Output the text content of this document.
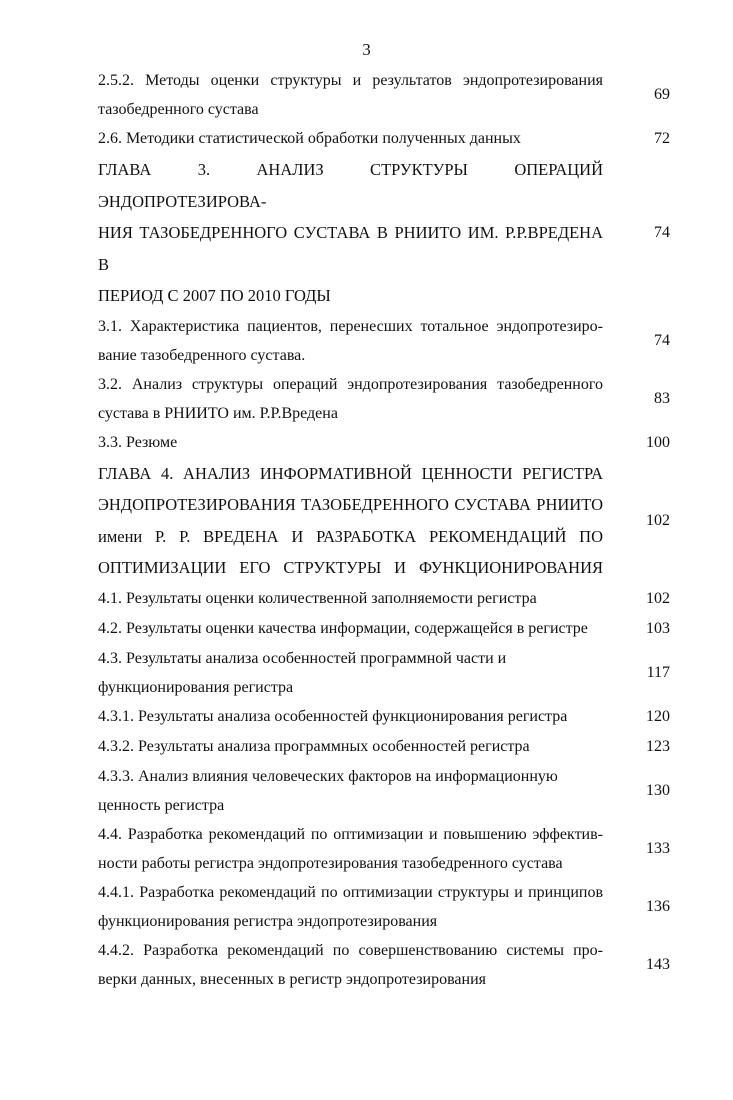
3
2.5.2. Методы оценки структуры и результатов эндопротезирования
тазобедренного сустава
69
2.6. Методики статистической обработки полученных данных	72
ГЛАВА 3. АНАЛИЗ СТРУКТУРЫ ОПЕРАЦИЙ ЭНДОПРОТЕЗИРОВА-
НИЯ ТАЗОБЕДРЕННОГО СУСТАВА В РНИИТО ИМ. Р.Р.ВРЕДЕНА В
ПЕРИОД С 2007 ПО 2010 ГОДЫ
74
3.1. Характеристика пациентов, перенесших тотальное эндопротезиро-
вание тазобедренного сустава.
74
3.2. Анализ структуры операций эндопротезирования тазобедренного
сустава в РНИИТО им. Р.Р.Вредена
83
3.3. Резюме	100
ГЛАВА 4. АНАЛИЗ ИНФОРМАТИВНОЙ ЦЕННОСТИ РЕГИСТРА
ЭНДОПРОТЕЗИРОВАНИЯ ТАЗОБЕДРЕННОГО СУСТАВА РНИИТО
имени Р. Р. ВРЕДЕНА И РАЗРАБОТКА РЕКОМЕНДАЦИЙ ПО
ОПТИМИЗАЦИИ ЕГО СТРУКТУРЫ И ФУНКЦИОНИРОВАНИЯ
102
4.1. Результаты оценки количественной заполняемости регистра	102
4.2. Результаты оценки качества информации, содержащейся в регистре	103
4.3. Результаты анализа особенностей программной части и
функционирования регистра
117
4.3.1. Результаты анализа особенностей функционирования регистра	120
4.3.2. Результаты анализа программных особенностей регистра	123
4.3.3. Анализ влияния человеческих факторов на информационную
ценность регистра
130
4.4. Разработка рекомендаций по оптимизации и повышению эффектив-
ности работы регистра эндопротезирования тазобедренного сустава
133
4.4.1. Разработка рекомендаций по оптимизации структуры и принципов
функционирования регистра эндопротезирования
136
4.4.2. Разработка рекомендаций по совершенствованию системы про-
верки данных, внесенных в регистр эндопротезирования
143
